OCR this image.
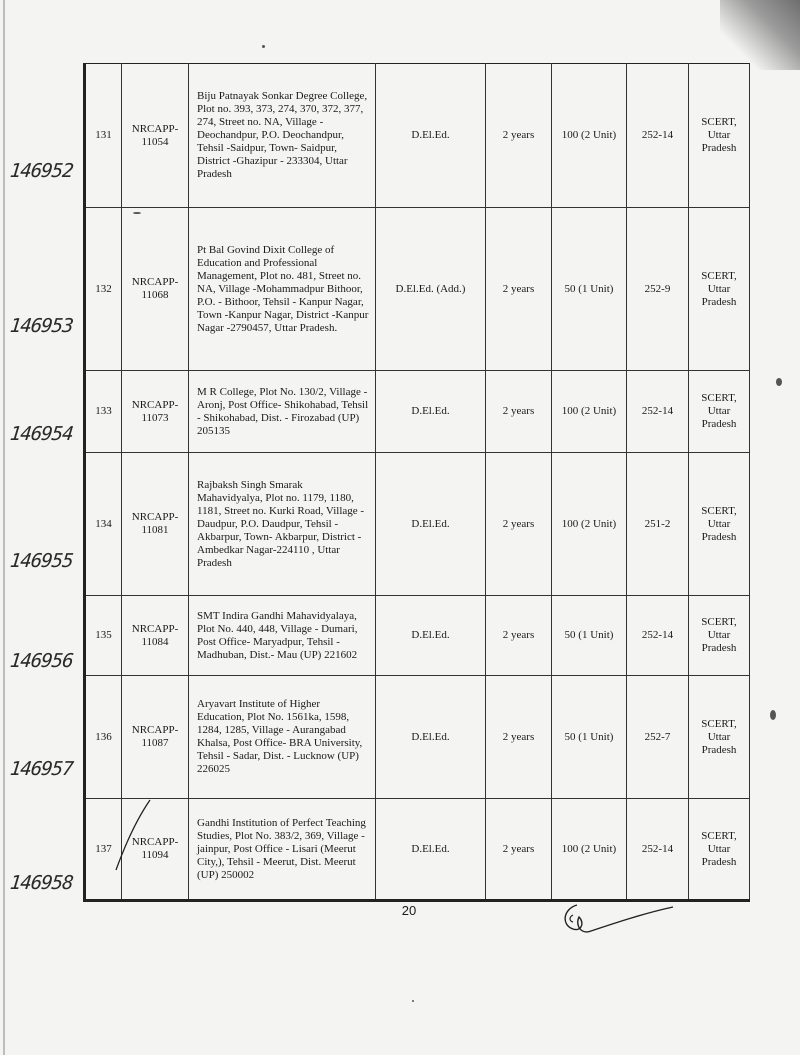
131	NRCAPP-11054	Biju Patnayak Sonkar Degree College, Plot no. 393, 373, 274, 370, 372, 377, 274, Street no. NA, Village - Deochandpur, P.O. Deochandpur, Tehsil -Saidpur, Town- Saidpur, District -Ghazipur - 233304, Uttar Pradesh	D.El.Ed.	2 years	100 (2 Unit)	252-14	SCERT, Uttar Pradesh
132	NRCAPP-11068	Pt Bal Govind Dixit College of Education and Professional Management, Plot no. 481, Street no. NA, Village -Mohammadpur Bithoor, P.O. - Bithoor, Tehsil - Kanpur Nagar, Town -Kanpur Nagar, District -Kanpur Nagar -2790457, Uttar Pradesh.	D.El.Ed. (Add.)	2 years	50 (1 Unit)	252-9	SCERT, Uttar Pradesh
133	NRCAPP-11073	M R College, Plot No. 130/2, Village - Aronj, Post Office- Shikohabad, Tehsil - Shikohabad, Dist. - Firozabad (UP) 205135	D.El.Ed.	2 years	100 (2 Unit)	252-14	SCERT, Uttar Pradesh
134	NRCAPP-11081	Rajbaksh Singh Smarak Mahavidyalya, Plot no. 1179, 1180, 1181, Street no. Kurki Road, Village -Daudpur, P.O. Daudpur, Tehsil - Akbarpur, Town- Akbarpur, District -Ambedkar Nagar-224110 , Uttar Pradesh	D.El.Ed.	2 years	100 (2 Unit)	251-2	SCERT, Uttar Pradesh
135	NRCAPP-11084	SMT Indira Gandhi Mahavidyalaya, Plot No. 440, 448, Village - Dumari, Post Office- Maryadpur, Tehsil - Madhuban, Dist.- Mau (UP) 221602	D.El.Ed.	2 years	50 (1 Unit)	252-14	SCERT, Uttar Pradesh
136	NRCAPP-11087	Aryavart Institute of Higher Education, Plot No. 1561ka, 1598, 1284, 1285, Village - Aurangabad Khalsa, Post Office- BRA University, Tehsil - Sadar, Dist. - Lucknow (UP) 226025	D.El.Ed.	2 years	50 (1 Unit)	252-7	SCERT, Uttar Pradesh
137	NRCAPP-11094	Gandhi Institution of Perfect Teaching Studies, Plot No. 383/2, 369, Village - jainpur, Post Office - Lisari (Meerut City,), Tehsil - Meerut, Dist. Meerut (UP) 250002	D.El.Ed.	2 years	100 (2 Unit)	252-14	SCERT, Uttar Pradesh
146952
146953
146954
146955
146956
146957
146958
20
